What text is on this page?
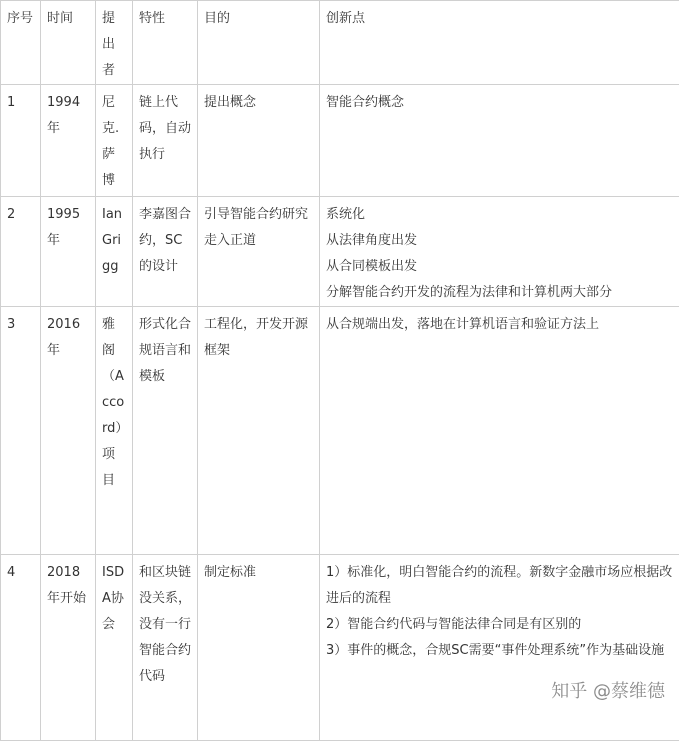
序号	时间	提出者	特性	目的	创新点
1	1994年	尼克.萨博	链上代码，自动执行	提出概念	智能合约概念

2	1995年	Ian Grigg	李嘉图合约，SC的设计	引导智能合约研究走入正道	系统化
从法律角度出发
从合同模板出发
分解智能合约开发的流程为法律和计算机两大部分

3	2016年	雅阁（Accord）项目	形式化合规语言和模板	工程化，开发开源框架	从合规端出发，落地在计算机语言和验证方法上

4	2018年开始	ISDA协会	和区块链没关系，没有一行智能合约代码	制定标准	1）标准化，明白智能合约的流程。新数字金融市场应根据改进后的流程
2）智能合约代码与智能法律合同是有区别的
3）事件的概念，合规SC需要“事件处理系统”作为基础设施
知乎 @蔡维德
